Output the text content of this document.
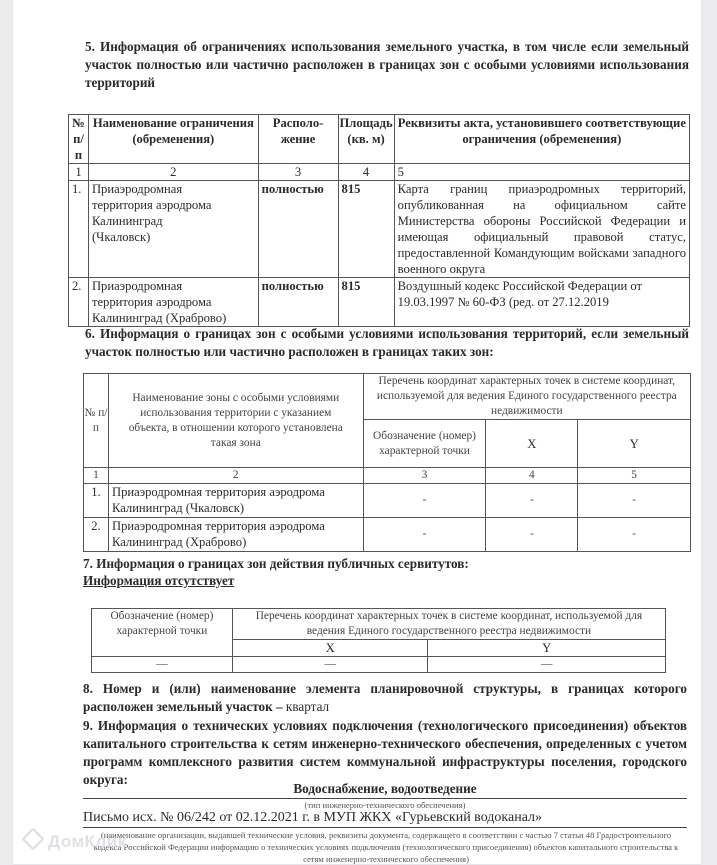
5. Информация об ограничениях использования земельного участка, в том числе если земельный участок полностью или частично расположен в границах зон с особыми условиями использования территорий
№ п/п	Наименование ограничения (обременения)	Располо-жение	Площадь (кв. м)	Реквизиты акта, установившего соответствующие ограничения (обременения)
1	2	3	4	5
1.	Приаэродромная территория аэродрома Калининград (Чкаловск)	полностью	815	Карта границ приаэродромных территорий, опубликованная на официальном сайте Министерства обороны Российской Федерации и имеющая официальный правовой статус, предоставленной Командующим войсками западного военного округа
2.	Приаэродромная территория аэродрома Калининград (Храброво)	полностью	815	Воздушный кодекс Российской Федерации от 19.03.1997 № 60-ФЗ (ред. от 27.12.2019
6. Информация о границах зон с особыми условиями использования территорий, если земельный участок полностью или частично расположен в границах таких зон:
№ п/п	Наименование зоны с особыми условиями использования территории с указанием объекта, в отношении которого установлена такая зона	Перечень координат характерных точек в системе координат, используемой для ведения Единого государственного реестра недвижимости		
		Обозначение (номер) характерной точки	X	Y
1	2	3	4	5
1.	Приаэродромная территория аэродрома Калининград (Чкаловск)	-	-	-
2.	Приаэродромная территория аэродрома Калининград (Храброво)	-	-	-
7. Информация о границах зон действия публичных сервитутов:
Информация отсутствует
Обозначение (номер) характерной точки	Перечень координат характерных точек в системе координат, используемой для ведения Единого государственного реестра недвижимости	
	X	Y
—	—	—
8. Номер и (или) наименование элемента планировочной структуры, в границах которого расположен земельный участок – квартал
9. Информация о технических условиях подключения (технологического присоединения) объектов капитального строительства к сетям инженерно-технического обеспечения, определенных с учетом программ комплексного развития систем коммунальной инфраструктуры поселения, городского округа:
Водоснабжение, водоотведение
(тип инженерно-технического обеспечения)
Письмо исх. № 06/242 от 02.12.2021 г. в МУП ЖКХ «Гурьевский водоканал»
(наименование организации, выдавшей технические условия, реквизиты документа, содержащего в соответствии с частью 7 статьи 48 Градостроительного кодекса Российской Федерации информацию о технических условиях подключения (технологического присоединения) объектов капитального строительства к сетям инженерно-технического обеспечения)
ДомКлик
